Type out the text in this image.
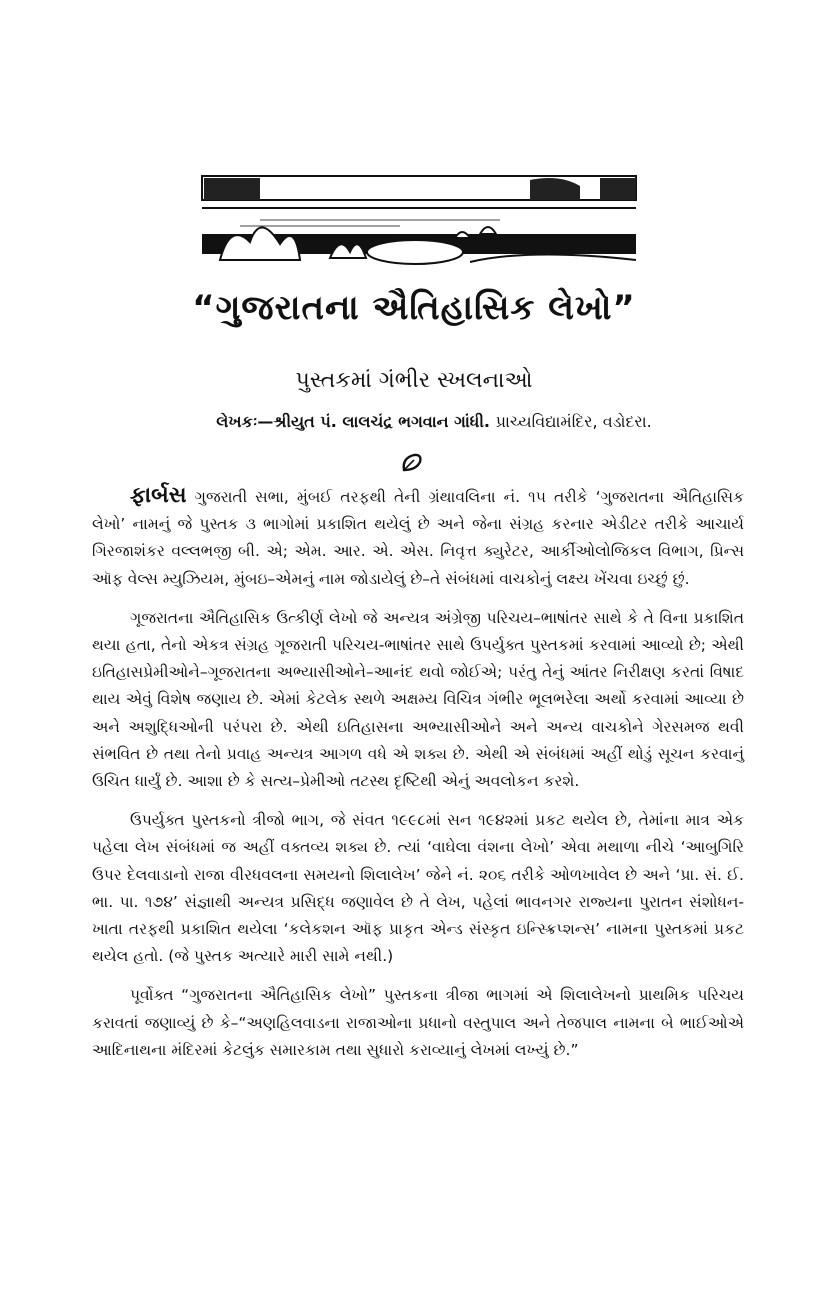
“ગુજરાતના ઐતિહાસિક લેખો”
પુસ્તકમાં ગંભીર સ્ખલનાઓ
લેખકઃ—શ્રીયુત પં. લાલચંદ્ર ભગવાન ગાંધી. પ્રાચ્યવિદ્યામંદિર, વડોદરા.

ફાર્બસ ગુજરાતી સભા, મુંબઈ તરફથી તેની ગ્રંથાવલિના નં. ૧૫ તરીકે ‘ગુજરાતના ઐતિહાસિક લેખો’ નામનું જે પુસ્તક ૩ ભાગોમાં પ્રકાશિત થયેલું છે અને જેના સંગ્રહ કરનાર એડીટર તરીકે આચાર્ય ગિરજાશંકર વલ્લભજી બી. એ; એમ. આર. એ. એસ. નિવૃત્ત ક્યુરેટર, આર્કીઓલોજિકલ વિભાગ, પ્રિન્સ ઑફ વેલ્સ મ્યુઝિયમ, મુંબઇ–એમનું નામ જોડાયેલું છે–તે સંબંધમાં વાચકોનું લક્ષ્ય ખેંચવા ઇચ્છું છું.

ગૂજરાતના ઐતિહાસિક ઉત્કીર્ણ લેખો જે અન્યત્ર અંગ્રેજી પરિચય–ભાષાંતર સાથે કે તે વિના પ્રકાશિત થયા હતા, તેનો એકત્ર સંગ્રહ ગૂજરાતી પરિચય-ભાષાંતર સાથે ઉપર્યુક્ત પુસ્તકમાં કરવામાં આવ્યો છે; એથી ઇતિહાસપ્રેમીઓને–ગૂજરાતના અભ્યાસીઓને–આનંદ થવો જોઈએ; પરંતુ તેનું આંતર નિરીક્ષણ કરતાં વિષાદ થાય એવું વિશેષ જણાય છે. એમાં કેટલેક સ્થળે અક્ષમ્ય વિચિત્ર ગંભીર ભૂલભરેલા અર્થો કરવામાં આવ્યા છે અને અશુદ્ધિઓની પરંપરા છે. એથી ઇતિહાસના અભ્યાસીઓને અને અન્ય વાચકોને ગેરસમજ થવી સંભવિત છે તથા તેનો પ્રવાહ અન્યત્ર આગળ વધે એ શક્ય છે. એથી એ સંબંધમાં અહીં થોડું સૂચન કરવાનું ઉચિત ધાર્યું છે. આશા છે કે સત્ય–પ્રેમીઓ તટસ્થ દૃષ્ટિથી એનું અવલોકન કરશે.

ઉપર્યુક્ત પુસ્તકનો ત્રીજો ભાગ, જે સંવત ૧૯૯૮માં સન ૧૯૪૨માં પ્રકટ થયેલ છે, તેમાંના માત્ર એક પહેલા લેખ સંબંધમાં જ અહીં વક્તવ્ય શક્ય છે. ત્યાં ‘વાઘેલા વંશના લેખો’ એવા મથાળા નીચે ‘આબુગિરિ ઉપર દેલવાડાનો રાજા વીરધવલના સમયનો શિલાલેખ’ જેને નં. ૨૦૬ તરીકે ઓળખાવેલ છે અને ‘પ્રા. સં. ઈ. ભા. પા. ૧૭૪’ સંજ્ઞાથી અન્યત્ર પ્રસિદ્ધ જણાવેલ છે તે લેખ, પહેલાં ભાવનગર રાજ્યના પુરાતન સંશોધન-ખાતા તરફથી પ્રકાશિત થયેલા ‘કલેકશન ઑફ પ્રાકૃત એન્ડ સંસ્કૃત ઇન્સ્ક્રિપ્શન્સ’ નામના પુસ્તકમાં પ્રકટ થયેલ હતો. (જે પુસ્તક અત્યારે મારી સામે નથી.)

પૂર્વોક્ત “ગુજરાતના ઐતિહાસિક લેખો” પુસ્તકના ત્રીજા ભાગમાં એ શિલાલેખનો પ્રાથમિક પરિચય કરાવતાં જણાવ્યું છે કે–“અણહિલવાડના રાજાઓના પ્રધાનો વસ્તુપાલ અને તેજપાલ નામના બે ભાઈઓએ આદિનાથના મંદિરમાં કેટલુંક સમારકામ તથા સુધારો કરાવ્યાનું લેખમાં લખ્યું છે.”
